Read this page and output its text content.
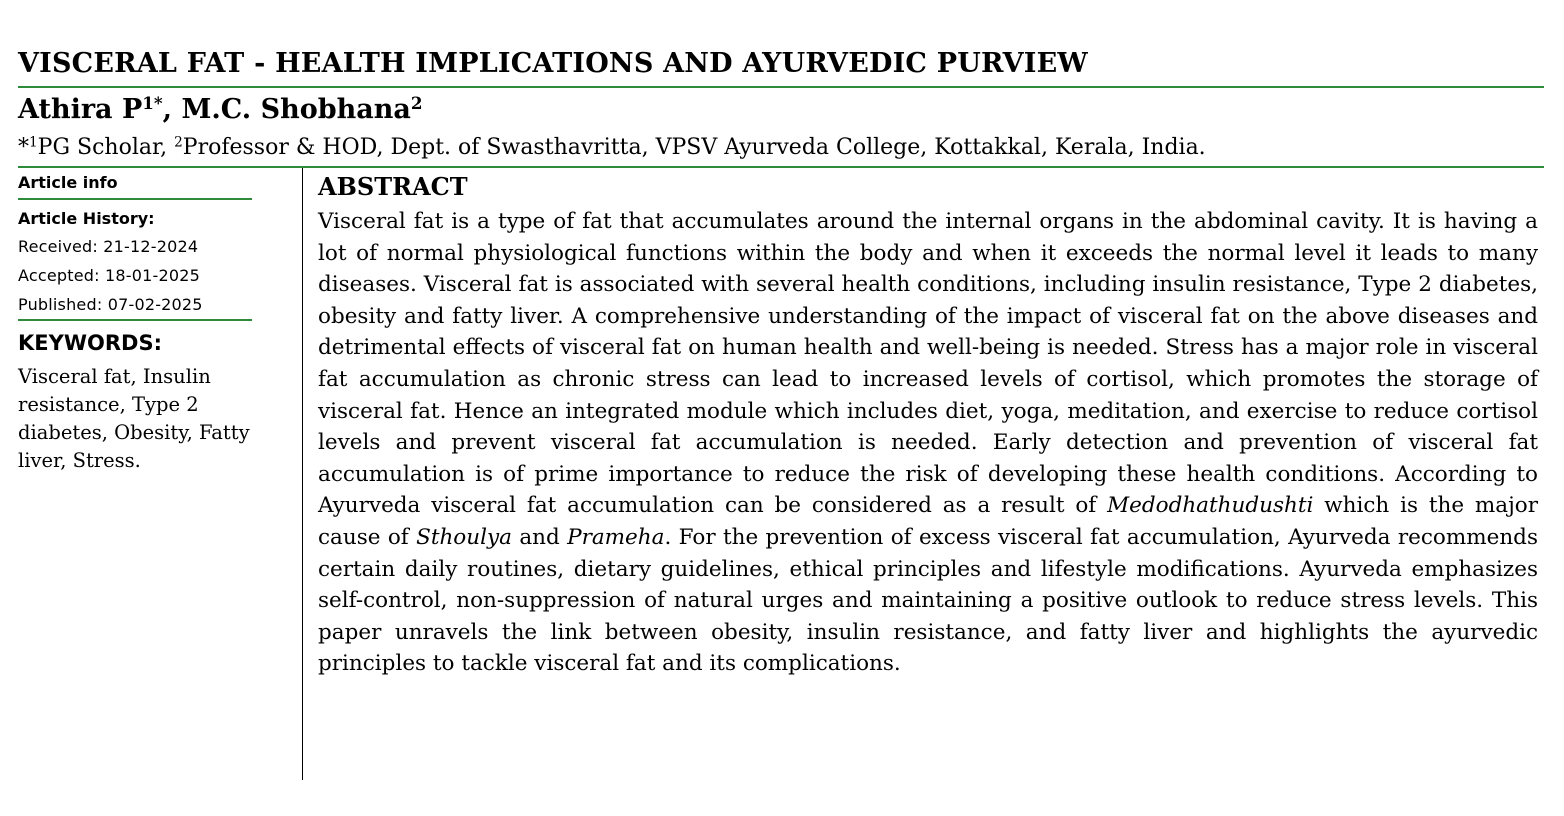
VISCERAL FAT - HEALTH IMPLICATIONS AND AYURVEDIC PURVIEW
Athira $P^{1*}$, M.C. Shobhana$^2$
*$^1$PG Scholar, $^2$Professor & HOD, Dept. of Swasthavritta, VPSV Ayurveda College, Kottakkal, Kerala, India.
Article info
Article History:
Received: 21-12-2024
Accepted: 18-01-2025
Published: 07-02-2025
KEYWORDS:
Visceral fat, Insulin resistance, Type 2 diabetes, Obesity, Fatty liver, Stress.
ABSTRACT

Visceral fat is a type of fat that accumulates around the internal organs in the abdominal cavity. It is having a lot of normal physiological functions within the body and when it exceeds the normal level it leads to many diseases. Visceral fat is associated with several health conditions, including insulin resistance, Type 2 diabetes, obesity and fatty liver. A comprehensive understanding of the impact of visceral fat on the above diseases and detrimental effects of visceral fat on human health and well-being is needed. Stress has a major role in visceral fat accumulation as chronic stress can lead to increased levels of cortisol, which promotes the storage of visceral fat. Hence an integrated module which includes diet, yoga, meditation, and exercise to reduce cortisol levels and prevent visceral fat accumulation is needed. Early detection and prevention of visceral fat accumulation is of prime importance to reduce the risk of developing these health conditions. According to Ayurveda visceral fat accumulation can be considered as a result of Medodhathudushti which is the major cause of Sthoulya and Prameha. For the prevention of excess visceral fat accumulation, Ayurveda recommends certain daily routines, dietary guidelines, ethical principles and lifestyle modifications. Ayurveda emphasizes self-control, non-suppression of natural urges and maintaining a positive outlook to reduce stress levels. This paper unravels the link between obesity, insulin resistance, and fatty liver and highlights the ayurvedic principles to tackle visceral fat and its complications.
